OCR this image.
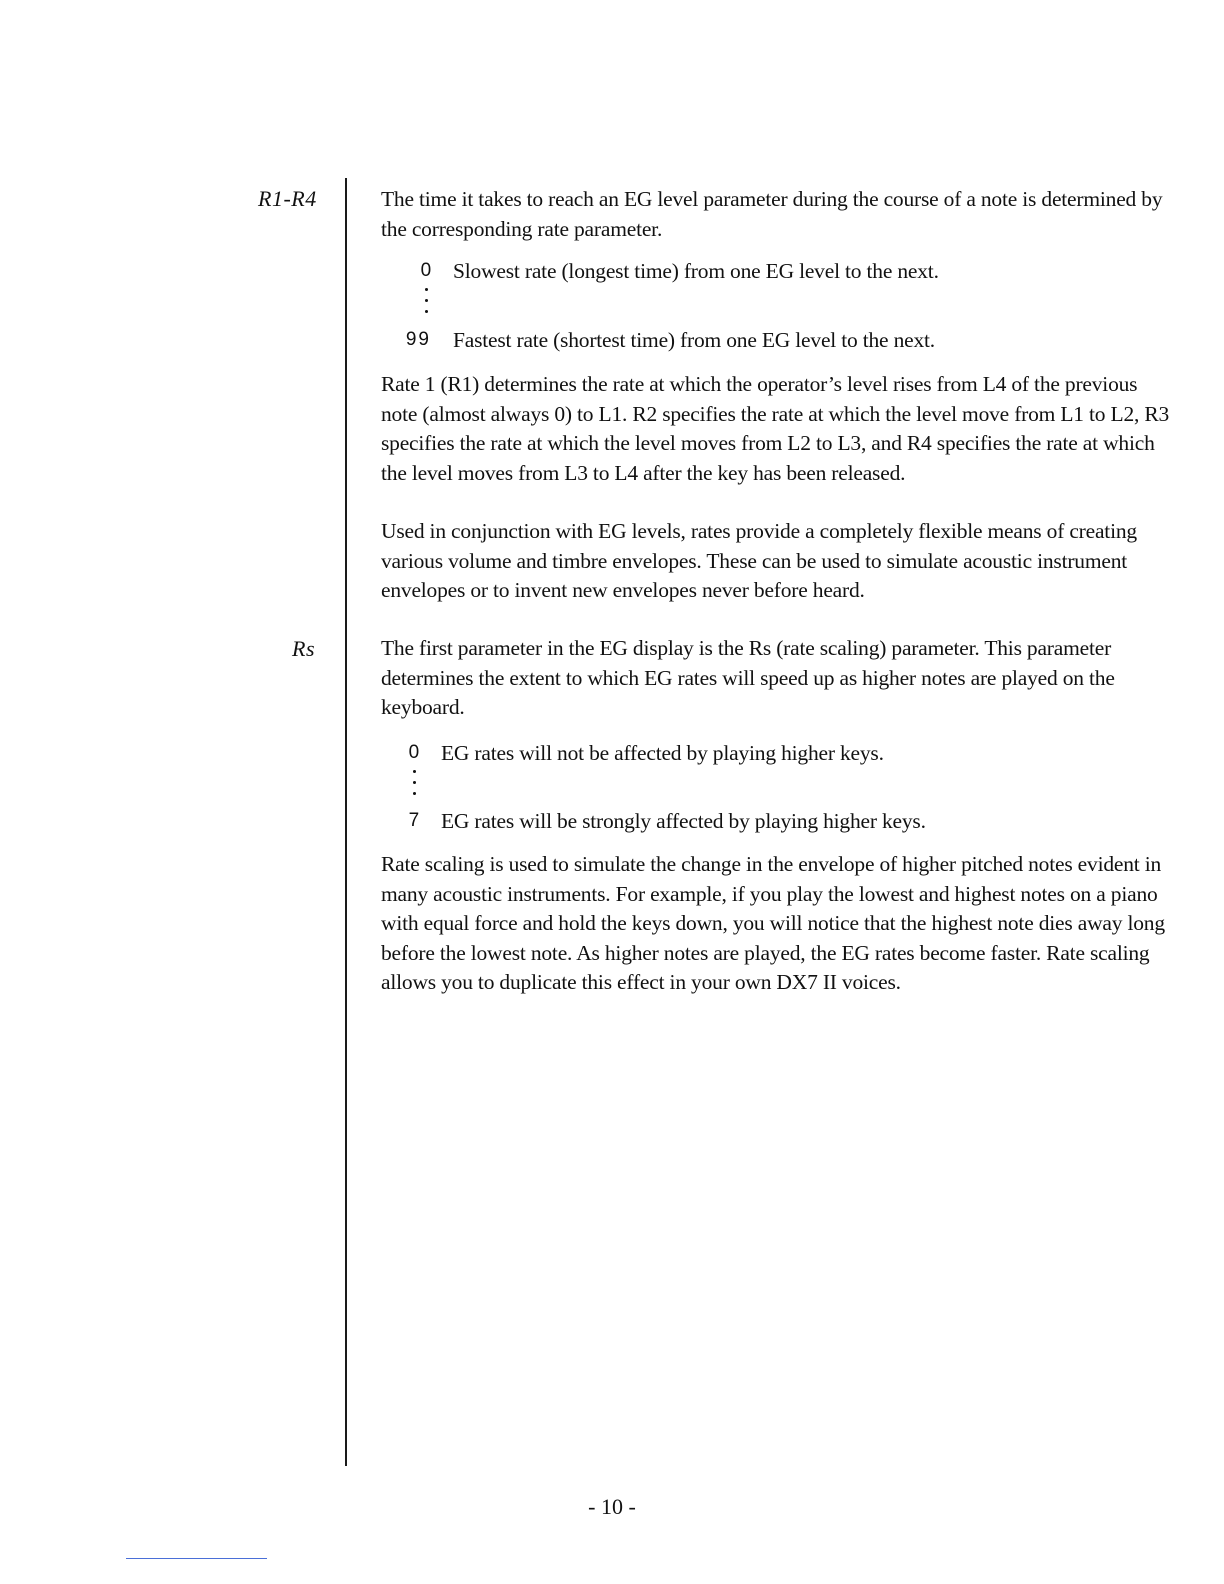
R1-R4
Rs

The time it takes to reach an EG level parameter during the course of a note is determined by the corresponding rate parameter.

0 Slowest rate (longest time) from one EG level to the next.
99 Fastest rate (shortest time) from one EG level to the next.

Rate 1 (R1) determines the rate at which the operator’s level rises from L4 of the previous note (almost always 0) to L1. R2 specifies the rate at which the level move from L1 to L2, R3 specifies the rate at which the level moves from L2 to L3, and R4 specifies the rate at which the level moves from L3 to L4 after the key has been released.

Used in conjunction with EG levels, rates provide a completely flexible means of creating various volume and timbre envelopes. These can be used to simulate acoustic instrument envelopes or to invent new envelopes never before heard.

The first parameter in the EG display is the Rs (rate scaling) parameter. This parameter determines the extent to which EG rates will speed up as higher notes are played on the keyboard.

0 EG rates will not be affected by playing higher keys.
7 EG rates will be strongly affected by playing higher keys.

Rate scaling is used to simulate the change in the envelope of higher pitched notes evident in many acoustic instruments. For example, if you play the lowest and highest notes on a piano with equal force and hold the keys down, you will notice that the highest note dies away long before the lowest note. As higher notes are played, the EG rates become faster. Rate scaling allows you to duplicate this effect in your own DX7 II voices.

- 10 -
